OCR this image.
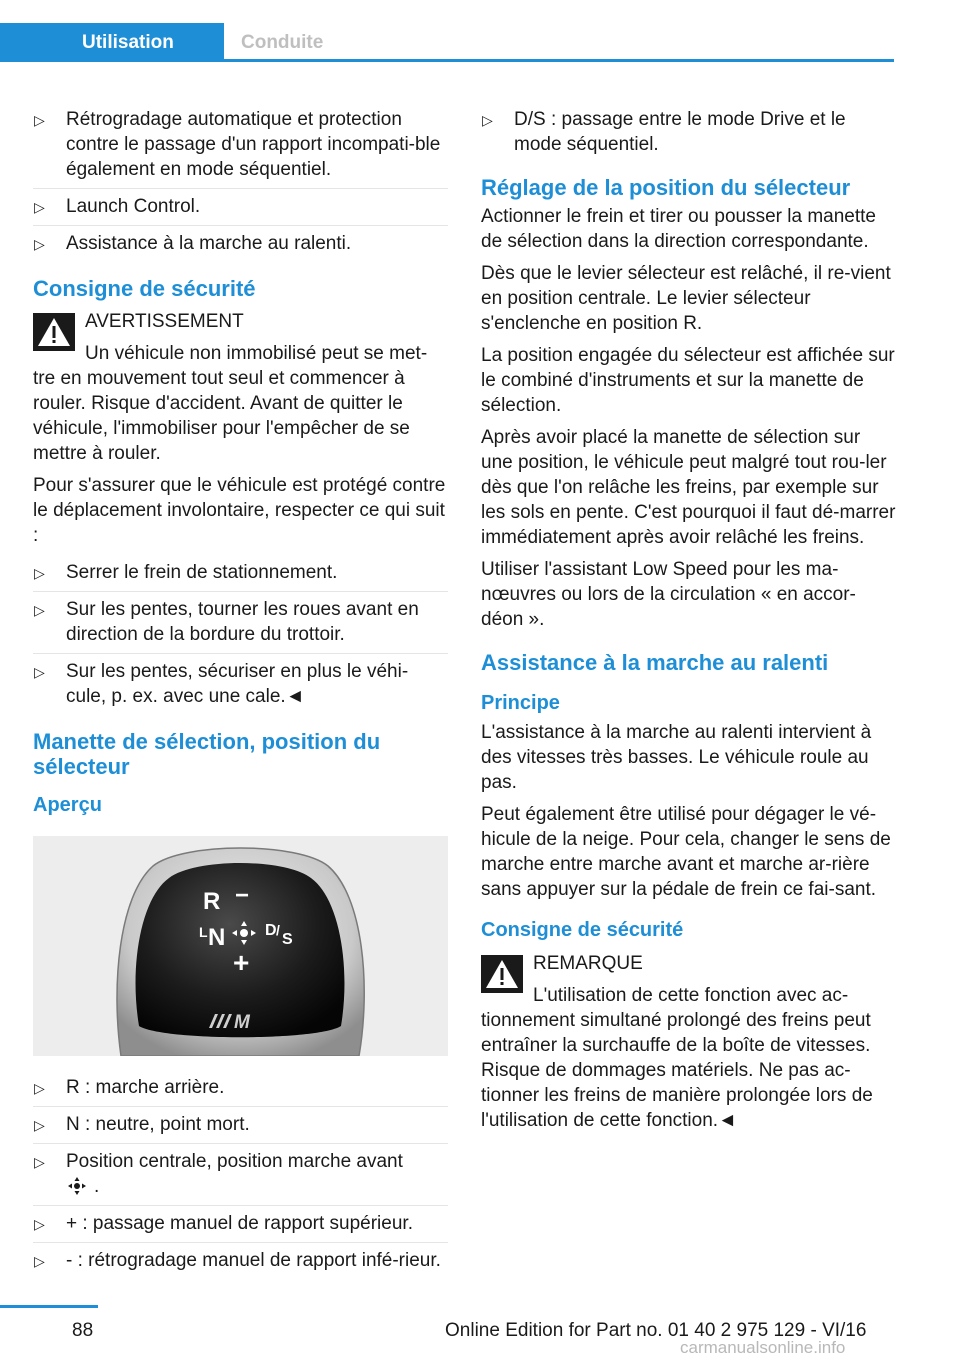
Utilisation	Conduite
▷ Rétrogradage automatique et protection contre le passage d'un rapport incompati‐ble également en mode séquentiel.
▷ Launch Control.
▷ Assistance à la marche au ralenti.
Consigne de sécurité
AVERTISSEMENT
Un véhicule non immobilisé peut se met‐tre en mouvement tout seul et commencer à rouler. Risque d'accident. Avant de quitter le véhicule, l'immobiliser pour l'empêcher de se mettre à rouler.
Pour s'assurer que le véhicule est protégé contre le déplacement involontaire, respecter ce qui suit :
▷ Serrer le frein de stationnement.
▷ Sur les pentes, tourner les roues avant en direction de la bordure du trottoir.
▷ Sur les pentes, sécuriser en plus le véhi‐cule, p. ex. avec une cale.◄
Manette de sélection, position du sélecteur
Aperçu
R −
L N D /
S
+
M
▷ R : marche arrière.
▷ N : neutre, point mort.
▷ Position centrale, position marche avant
.
▷ + : passage manuel de rapport supérieur.
▷ - : rétrogradage manuel de rapport infé‐rieur.
▷ D/S : passage entre le mode Drive et le mode séquentiel.
Réglage de la position du sélecteur
Actionner le frein et tirer ou pousser la manette de sélection dans la direction correspondante.
Dès que le levier sélecteur est relâché, il re‐vient en position centrale. Le levier sélecteur s'enclenche en position R.
La position engagée du sélecteur est affichée sur le combiné d'instruments et sur la manette de sélection.
Après avoir placé la manette de sélection sur une position, le véhicule peut malgré tout rou‐ler dès que l'on relâche les freins, par exemple sur les sols en pente. C'est pourquoi il faut dé‐marrer immédiatement après avoir relâché les freins.
Utiliser l'assistant Low Speed pour les ma‐nœuvres ou lors de la circulation « en accor‐déon ».
Assistance à la marche au ralenti
Principe
L'assistance à la marche au ralenti intervient à des vitesses très basses. Le véhicule roule au pas.
Peut également être utilisé pour dégager le vé‐hicule de la neige. Pour cela, changer le sens de marche entre marche avant et marche ar‐rière sans appuyer sur la pédale de frein ce fai‐sant.
Consigne de sécurité
REMARQUE
L'utilisation de cette fonction avec ac‐tionnement simultané prolongé des freins peut entraîner la surchauffe de la boîte de vitesses. Risque de dommages matériels. Ne pas ac‐tionner les freins de manière prolongée lors de l'utilisation de cette fonction.◄
88	Online Edition for Part no. 01 40 2 975 129 - VI/16
carmanualsonline.info
